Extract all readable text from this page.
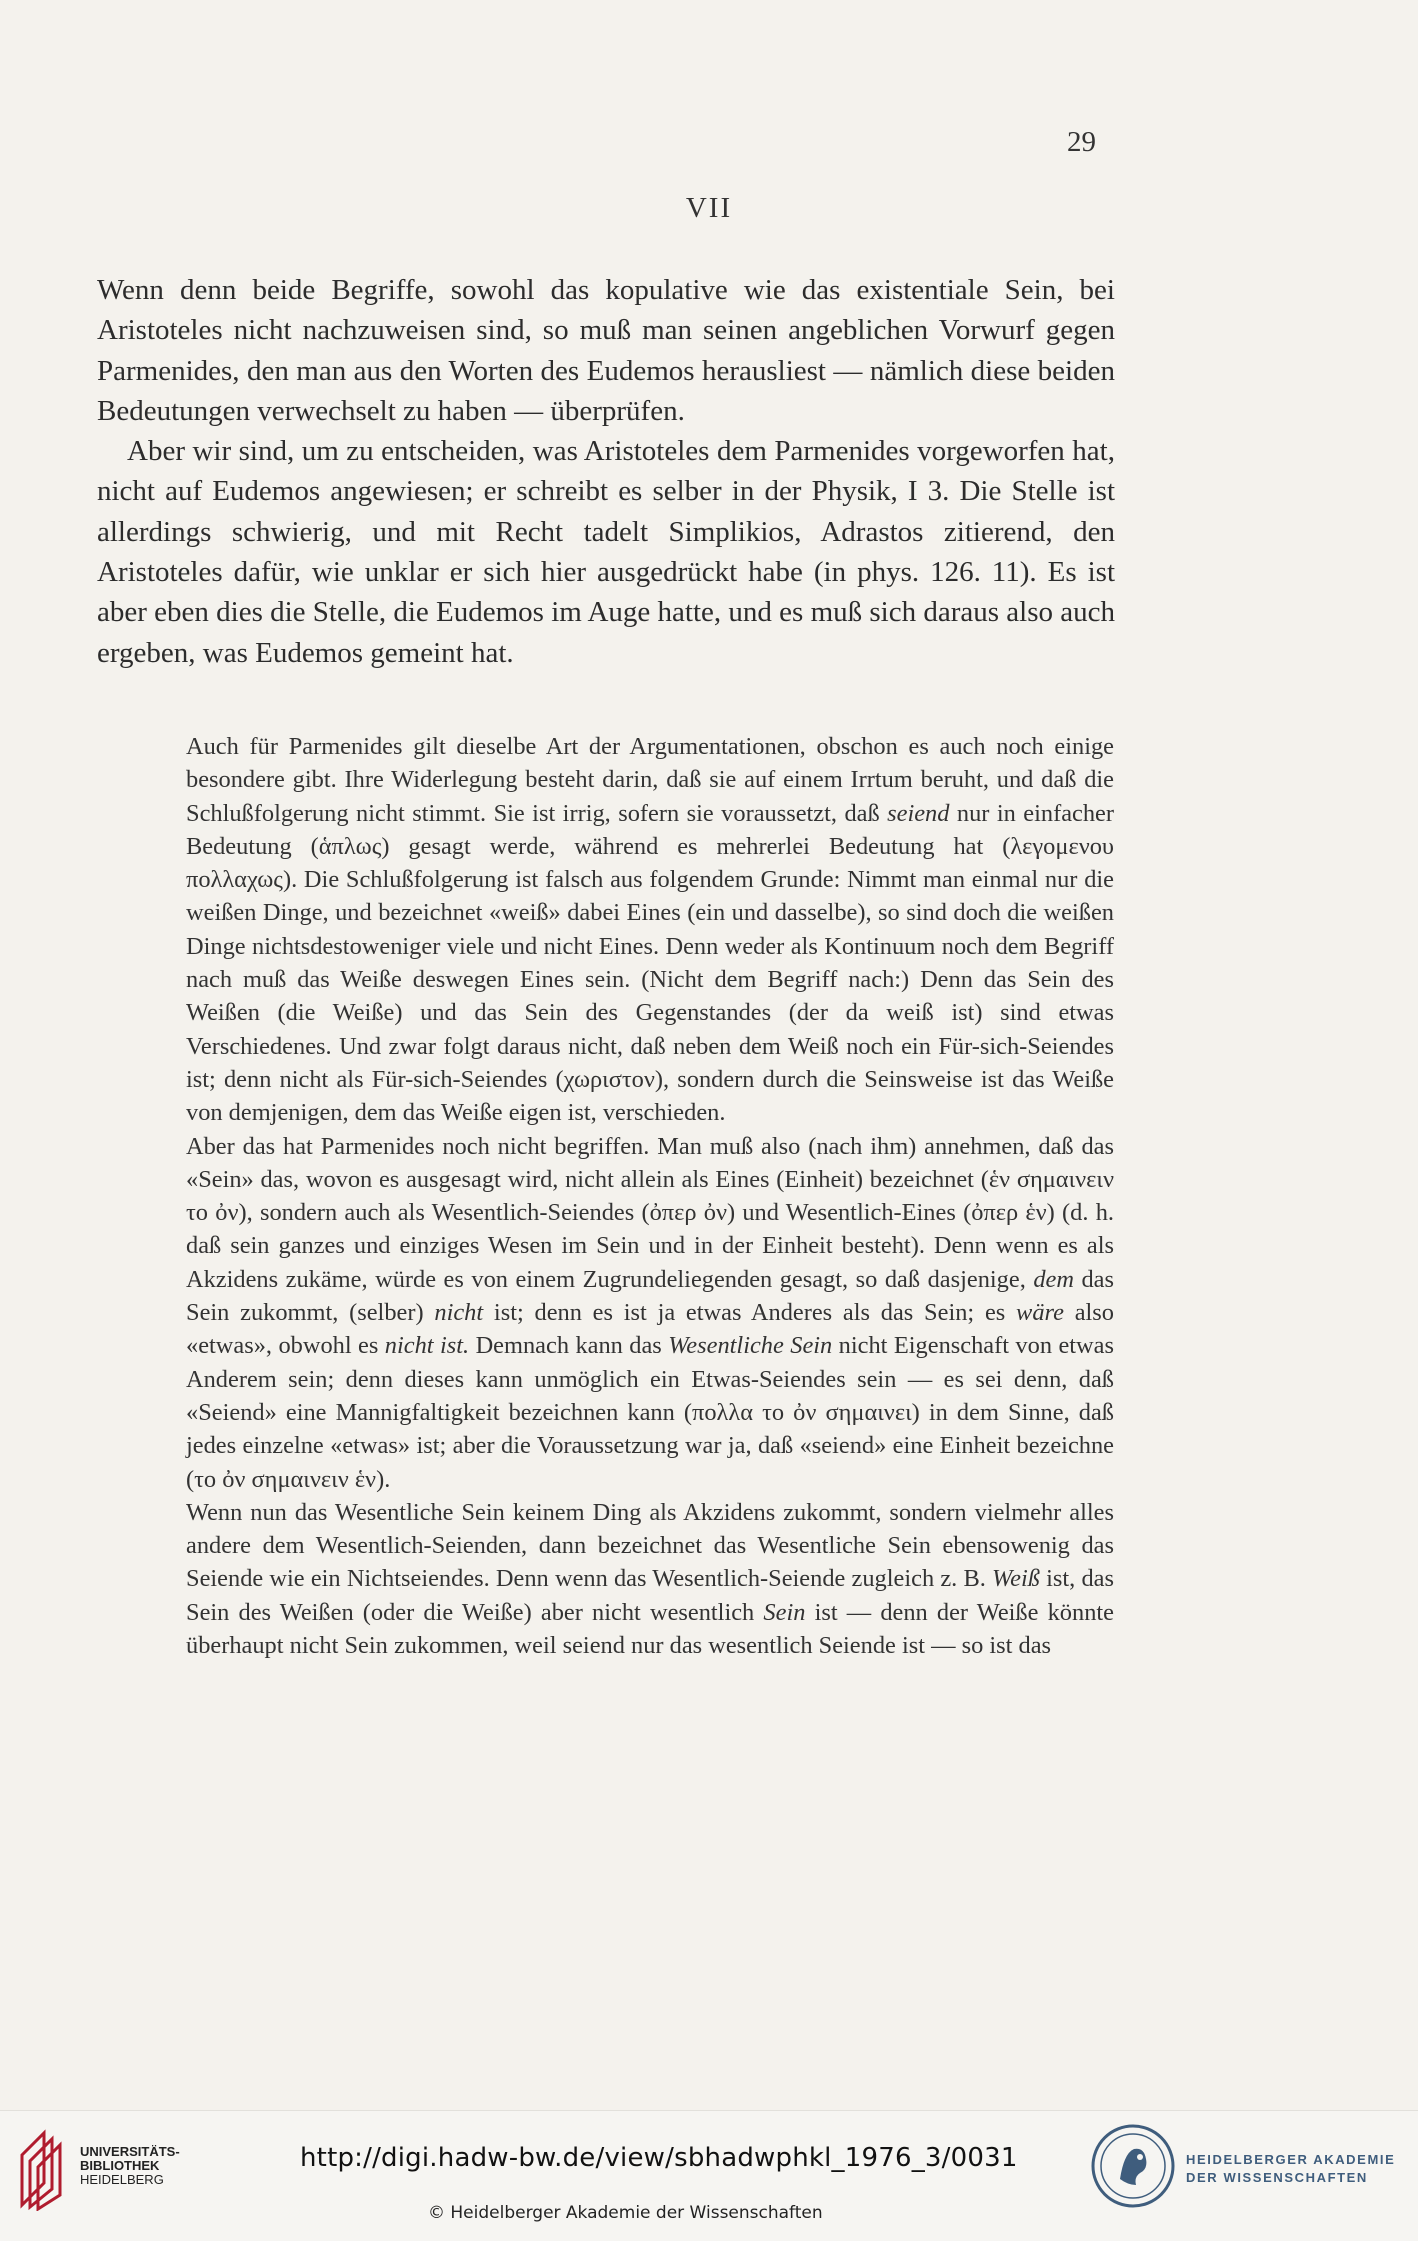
29
VII

Wenn denn beide Begriffe, sowohl das kopulative wie das existentiale Sein, bei Aristoteles nicht nachzuweisen sind, so muß man seinen angeblichen Vorwurf gegen Parmenides, den man aus den Worten des Eudemos herausliest — nämlich diese beiden Bedeutungen verwechselt zu haben — überprüfen.

Aber wir sind, um zu entscheiden, was Aristoteles dem Parmenides vorgeworfen hat, nicht auf Eudemos angewiesen; er schreibt es selber in der Physik, I 3. Die Stelle ist allerdings schwierig, und mit Recht tadelt Simplikios, Adrastos zitierend, den Aristoteles dafür, wie unklar er sich hier ausgedrückt habe (in phys. 126. 11). Es ist aber eben dies die Stelle, die Eudemos im Auge hatte, und es muß sich daraus also auch ergeben, was Eudemos gemeint hat.

Auch für Parmenides gilt dieselbe Art der Argumentationen, obschon es auch noch einige besondere gibt. Ihre Widerlegung besteht darin, daß sie auf einem Irrtum beruht, und daß die Schlußfolgerung nicht stimmt. Sie ist irrig, sofern sie voraussetzt, daß seiend nur in einfacher Bedeutung (ἁπλως) gesagt werde, während es mehrerlei Bedeutung hat (λεγομενου πολλαχως). Die Schlußfolgerung ist falsch aus folgendem Grunde: Nimmt man einmal nur die weißen Dinge, und bezeichnet «weiß» dabei Eines (ein und dasselbe), so sind doch die weißen Dinge nichtsdestoweniger viele und nicht Eines. Denn weder als Kontinuum noch dem Begriff nach muß das Weiße deswegen Eines sein. (Nicht dem Begriff nach:) Denn das Sein des Weißen (die Weiße) und das Sein des Gegenstandes (der da weiß ist) sind etwas Verschiedenes. Und zwar folgt daraus nicht, daß neben dem Weiß noch ein Für-sich-Seiendes ist; denn nicht als Für-sich-Seiendes (χωριστον), sondern durch die Seinsweise ist das Weiße von demjenigen, dem das Weiße eigen ist, verschieden.

Aber das hat Parmenides noch nicht begriffen. Man muß also (nach ihm) annehmen, daß das «Sein» das, wovon es ausgesagt wird, nicht allein als Eines (Einheit) bezeichnet (ἑν σημαινειν το ὀν), sondern auch als Wesentlich-Seiendes (ὀπερ ὀν) und Wesentlich-Eines (ὀπερ ἑν) (d. h. daß sein ganzes und einziges Wesen im Sein und in der Einheit besteht). Denn wenn es als Akzidens zukäme, würde es von einem Zugrundeliegenden gesagt, so daß dasjenige, dem das Sein zukommt, (selber) nicht ist; denn es ist ja etwas Anderes als das Sein; es wäre also «etwas», obwohl es nicht ist. Demnach kann das Wesentliche Sein nicht Eigenschaft von etwas Anderem sein; denn dieses kann unmöglich ein Etwas-Seiendes sein — es sei denn, daß «Seiend» eine Mannigfaltigkeit bezeichnen kann (πολλα το ὀν σημαινει) in dem Sinne, daß jedes einzelne «etwas» ist; aber die Voraussetzung war ja, daß «seiend» eine Einheit bezeichne (το ὀν σημαινειν ἑν).

Wenn nun das Wesentliche Sein keinem Ding als Akzidens zukommt, sondern vielmehr alles andere dem Wesentlich-Seienden, dann bezeichnet das Wesentliche Sein ebensowenig das Seiende wie ein Nichtseiendes. Denn wenn das Wesentlich-Seiende zugleich z. B. Weiß ist, das Sein des Weißen (oder die Weiße) aber nicht wesentlich Sein ist — denn der Weiße könnte überhaupt nicht Sein zukommen, weil seiend nur das wesentlich Seiende ist — so ist das

UNIVERSITÄTS-
BIBLIOTHEK
HEIDELBERG
http://digi.hadw-bw.de/view/sbhadwphkl_1976_3/0031
© Heidelberger Akademie der Wissenschaften
HEIDELBERGER AKADEMIE
DER WISSENSCHAFTEN
